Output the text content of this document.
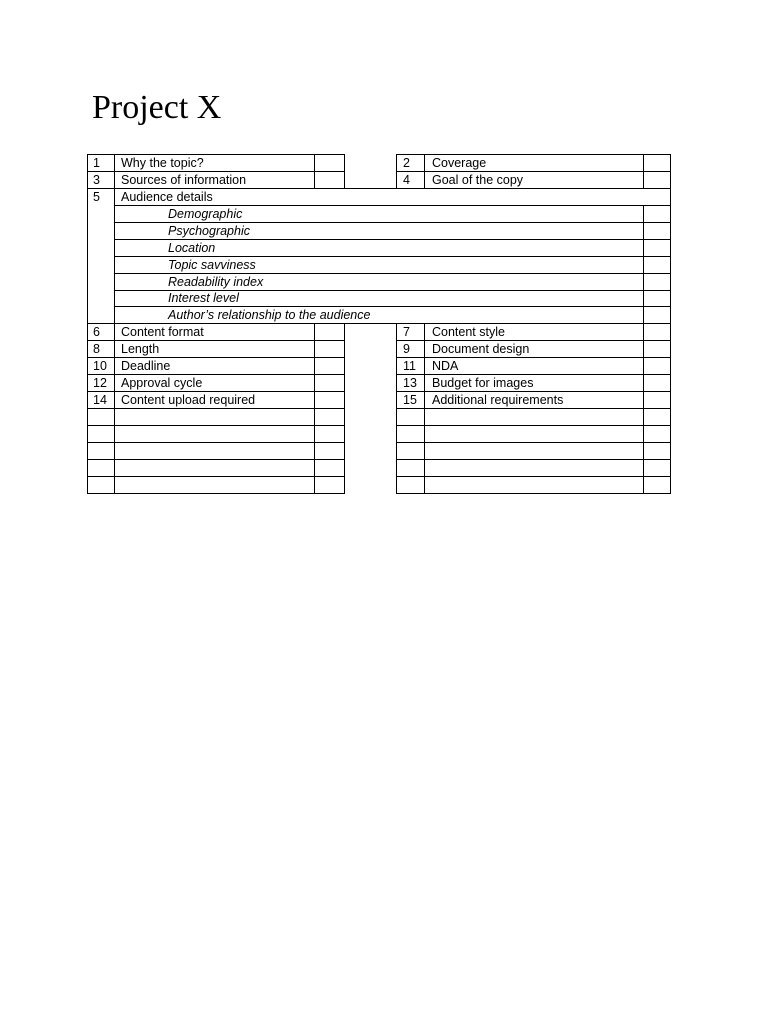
Project X
1 Why the topic?	2 Coverage
3 Sources of information	4 Goal of the copy
5 Audience details
Demographic
Psychographic
Location
Topic savviness
Readability index
Interest level
Author’s relationship to the audience
6 Content format	7 Content style
8 Length	9 Document design
10 Deadline	11 NDA
12 Approval cycle	13 Budget for images
14 Content upload required	15 Additional requirements
